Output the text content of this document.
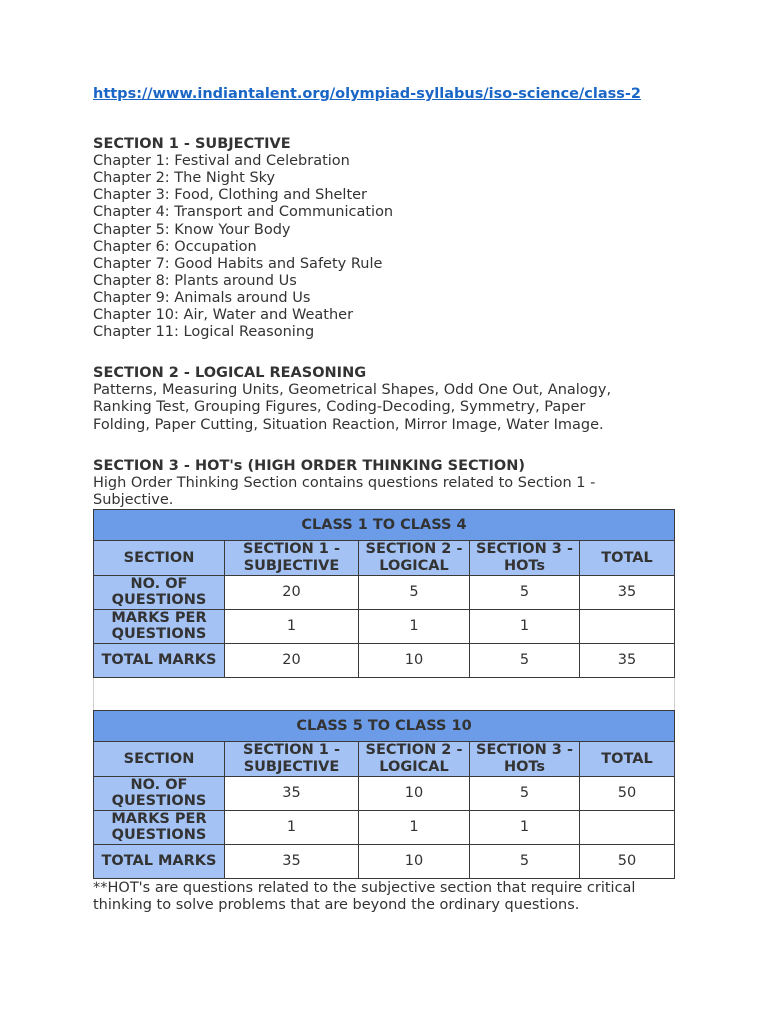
https://www.indiantalent.org/olympiad-syllabus/iso-science/class-2
SECTION 1 - SUBJECTIVE
Chapter 1: Festival and Celebration
Chapter 2: The Night Sky
Chapter 3: Food, Clothing and Shelter
Chapter 4: Transport and Communication
Chapter 5: Know Your Body
Chapter 6: Occupation
Chapter 7: Good Habits and Safety Rule
Chapter 8: Plants around Us
Chapter 9: Animals around Us
Chapter 10: Air, Water and Weather
Chapter 11: Logical Reasoning
SECTION 2 - LOGICAL REASONING
Patterns, Measuring Units, Geometrical Shapes, Odd One Out, Analogy,
Ranking Test, Grouping Figures, Coding-Decoding, Symmetry, Paper
Folding, Paper Cutting, Situation Reaction, Mirror Image, Water Image.
SECTION 3 - HOT's (HIGH ORDER THINKING SECTION)
High Order Thinking Section contains questions related to Section 1 -
Subjective.
CLASS 1 TO CLASS 4				
SECTION	SECTION 1 - SUBJECTIVE	SECTION 2 - LOGICAL	SECTION 3 - HOTs	TOTAL
NO. OF QUESTIONS	20	5	5	35
MARKS PER QUESTIONS	1	1	1	
TOTAL MARKS	20	10	5	35
CLASS 5 TO CLASS 10				
SECTION	SECTION 1 - SUBJECTIVE	SECTION 2 - LOGICAL	SECTION 3 - HOTs	TOTAL
NO. OF QUESTIONS	35	10	5	50
MARKS PER QUESTIONS	1	1	1	
TOTAL MARKS	35	10	5	50
**HOT's are questions related to the subjective section that require critical
thinking to solve problems that are beyond the ordinary questions.
